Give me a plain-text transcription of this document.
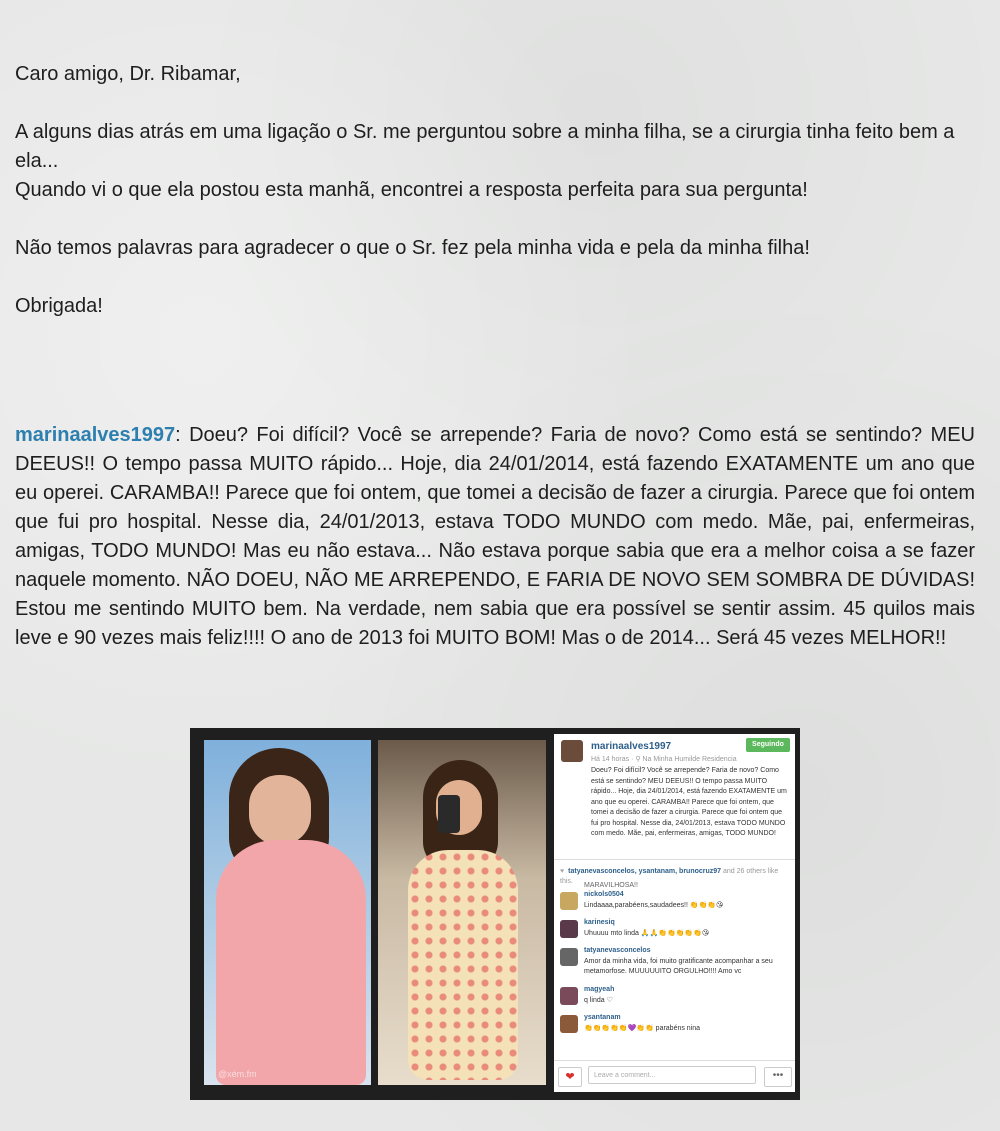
Caro amigo, Dr. Ribamar,

A alguns dias atrás em uma ligação o Sr. me perguntou sobre a minha filha, se a cirurgia tinha feito bem a ela...

Quando vi o que ela postou esta manhã, encontrei a resposta perfeita para sua pergunta!

Não temos palavras para agradecer o que o Sr. fez pela minha vida e pela da minha filha!

Obrigada!

marinaalves1997: Doeu? Foi difícil? Você se arrepende? Faria de novo? Como está se sentindo? MEU DEEUS!! O tempo passa MUITO rápido... Hoje, dia 24/01/2014, está fazendo EXATAMENTE um ano que eu operei. CARAMBA!! Parece que foi ontem, que tomei a decisão de fazer a cirurgia. Parece que foi ontem que fui pro hospital. Nesse dia, 24/01/2013, estava TODO MUNDO com medo. Mãe, pai, enfermeiras, amigas, TODO MUNDO! Mas eu não estava... Não estava porque sabia que era a melhor coisa a se fazer naquele momento. NÃO DOEU, NÃO ME ARREPENDO, E FARIA DE NOVO SEM SOMBRA DE DÚVIDAS! Estou me sentindo MUITO bem. Na verdade, nem sabia que era possível se sentir assim. 45 quilos mais leve e 90 vezes mais feliz!!!! O ano de 2013 foi MUITO BOM! Mas o de 2014... Será 45 vezes MELHOR!!
@xém.fm
marinaalves1997	Seguindo
Há 14 horas · ⚲ Na Minha Humilde Residencia
Doeu? Foi difícil? Você se arrepende? Faria de novo? Como está se sentindo? MEU DEEUS!! O tempo passa MUITO rápido... Hoje, dia 24/01/2014, está fazendo EXATAMENTE um ano que eu operei. CARAMBA!! Parece que foi ontem, que tomei a decisão de fazer a cirurgia. Parece que foi ontem que fui pro hospital. Nesse dia, 24/01/2013, estava TODO MUNDO com medo. Mãe, pai, enfermeiras, amigas, TODO MUNDO!
♥ tatyanevasconcelos, ysantanam, brunocruz97 and 26 others like this.
MARAVILHOSA!!
nickols0504
Lindaaaa,parabéens,saudadees!! 👏👏👏😘
karinesiq
Uhuuuu mto linda 🙏🙏👏👏👏👏👏😘
tatyanevasconcelos
Amor da minha vida, foi muito gratificante acompanhar a seu metamorfose. MUUUUUITO ORGULHO!!!! Amo vc
magyeah
q linda ♡
ysantanam
👏👏👏👏👏💜👏👏 parabéns nina
❤	Leave a comment...	•••
